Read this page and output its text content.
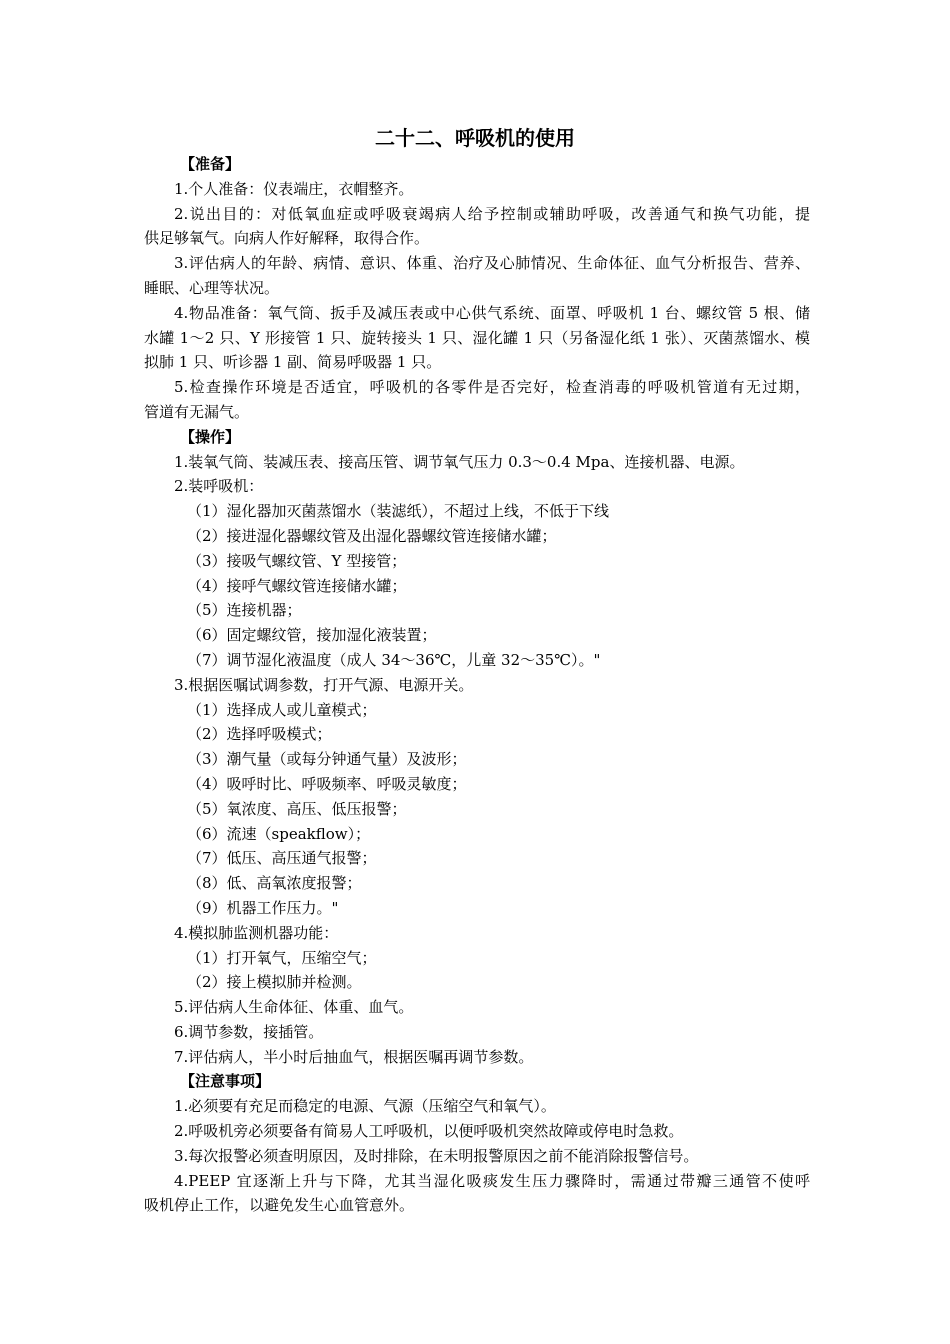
二十二、呼吸机的使用
【准备】
1.个人准备：仪表端庄，衣帽整齐。
2.说出目的：对低氧血症或呼吸衰竭病人给予控制或辅助呼吸，改善通气和换气功能，提
供足够氧气。向病人作好解释，取得合作。
3.评估病人的年龄、病情、意识、体重、治疗及心肺情况、生命体征、血气分析报告、营养、
睡眠、心理等状况。
4.物品准备：氧气筒、扳手及减压表或中心供气系统、面罩、呼吸机 1 台、螺纹管 5 根、储
水罐 1～2 只、Y 形接管 1 只、旋转接头 1 只、湿化罐 1 只（另备湿化纸 1 张）、灭菌蒸馏水、模
拟肺 1 只、听诊器 1 副、简易呼吸器 1 只。
5.检查操作环境是否适宜，呼吸机的各零件是否完好，检查消毒的呼吸机管道有无过期，
管道有无漏气。
【操作】
1.装氧气筒、装减压表、接高压管、调节氧气压力 0.3～0.4 Mpa、连接机器、电源。
2.装呼吸机：
（1）湿化器加灭菌蒸馏水（装滤纸），不超过上线，不低于下线
（2）接进湿化器螺纹管及出湿化器螺纹管连接储水罐；
（3）接吸气螺纹管、Y 型接管；
（4）接呼气螺纹管连接储水罐；
（5）连接机器；
（6）固定螺纹管，接加湿化液装置；
（7）调节湿化液温度（成人 34～36℃，儿童 32～35℃）。"
3.根据医嘱试调参数，打开气源、电源开关。
（1）选择成人或儿童模式；
（2）选择呼吸模式；
（3）潮气量（或每分钟通气量）及波形；
（4）吸呼时比、呼吸频率、呼吸灵敏度；
（5）氧浓度、高压、低压报警；
（6）流速（speakflow）；
（7）低压、高压通气报警；
（8）低、高氧浓度报警；
（9）机器工作压力。"
4.模拟肺监测机器功能：
（1）打开氧气，压缩空气；
（2）接上模拟肺并检测。
5.评估病人生命体征、体重、血气。
6.调节参数，接插管。
7.评估病人，半小时后抽血气，根据医嘱再调节参数。
【注意事项】
1.必须要有充足而稳定的电源、气源（压缩空气和氧气）。
2.呼吸机旁必须要备有简易人工呼吸机，以便呼吸机突然故障或停电时急救。
3.每次报警必须查明原因，及时排除，在未明报警原因之前不能消除报警信号。
4.PEEP 宜逐渐上升与下降，尤其当湿化吸痰发生压力骤降时，需通过带瓣三通管不使呼
吸机停止工作，以避免发生心血管意外。
